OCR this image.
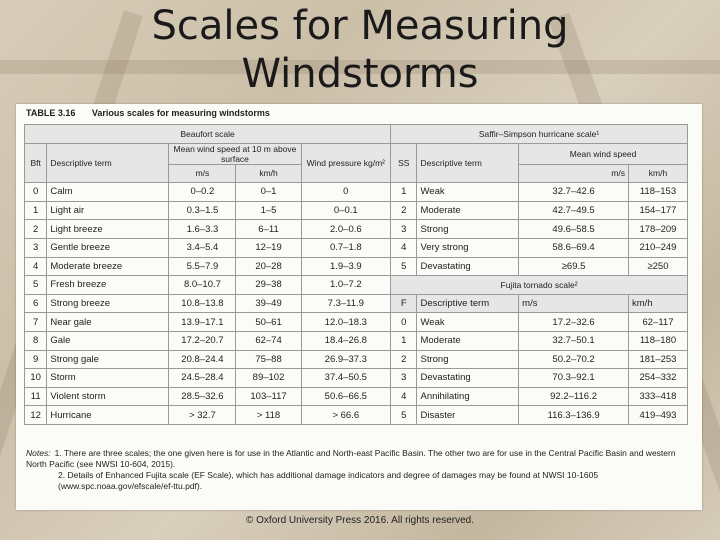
Scales for Measuring
Windstorms
TABLE 3.16 Various scales for measuring windstorms
Beaufort scale					Saffir–Simpson hurricane scale¹			
Bft	Descriptive term	Mean wind speed at 10 m above surface		Wind pressure kg/m²	SS	Descriptive term	Mean wind speed	
		m/s	km/h				m/s	km/h
0	Calm	0–0.2	0–1	0	1	Weak	32.7–42.6	118–153
1	Light air	0.3–1.5	1–5	0–0.1	2	Moderate	42.7–49.5	154–177
2	Light breeze	1.6–3.3	6–11	2.0–0.6	3	Strong	49.6–58.5	178–209
3	Gentle breeze	3.4–5.4	12–19	0.7–1.8	4	Very strong	58.6–69.4	210–249
4	Moderate breeze	5.5–7.9	20–28	1.9–3.9	5	Devastating	≥69.5	≥250
5	Fresh breeze	8.0–10.7	29–38	1.0–7.2	Fujita tornado scale²			
6	Strong breeze	10.8–13.8	39–49	7.3–11.9	F	Descriptive term	m/s	km/h
7	Near gale	13.9–17.1	50–61	12.0–18.3	0	Weak	17.2–32.6	62–117
8	Gale	17.2–20.7	62–74	18.4–26.8	1	Moderate	32.7–50.1	118–180
9	Strong gale	20.8–24.4	75–88	26.9–37.3	2	Strong	50.2–70.2	181–253
10	Storm	24.5–28.4	89–102	37.4–50.5	3	Devastating	70.3–92.1	254–332
11	Violent storm	28.5–32.6	103–117	50.6–66.5	4	Annihilating	92.2–116.2	333–418
12	Hurricane	> 32.7	> 118	> 66.6	5	Disaster	116.3–136.9	419–493
Notes: 1. There are three scales; the one given here is for use in the Atlantic and North-east Pacific Basin. The other two are for use in the Central Pacific Basin and western North Pacific (see NWSI 10-604, 2015).
2. Details of Enhanced Fujita scale (EF Scale), which has additional damage indicators and degree of damages may be found at NWSI 10-1605 (www.spc.noaa.gov/efscale/ef-ttu.pdf).
© Oxford University Press 2016. All rights reserved.
